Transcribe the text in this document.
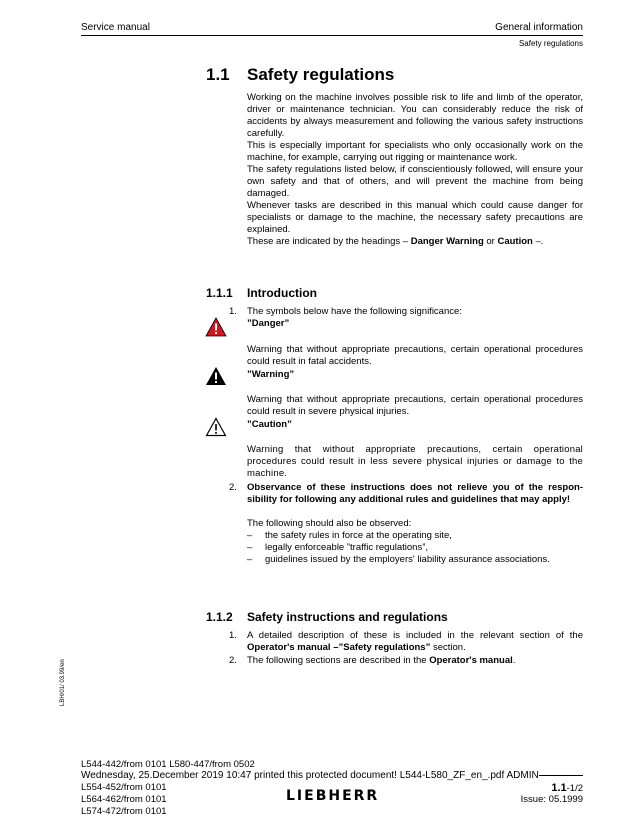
Service manual	General information
Safety regulations
1.1 Safety regulations

Working on the machine involves possible risk to life and limb of the operator, driver or maintenance technician. You can considerably reduce the risk of accidents by always measurement and following the various safety instructions carefully.

This is especially important for specialists who only occasionally work on the machine, for example, carrying out rigging or maintenance work.

The safety regulations listed below, if conscientiously followed, will ensure your own safety and that of others, and will prevent the machine from being damaged.

Whenever tasks are described in this manual which could cause danger for specialists or damage to the machine, the necessary safety precautions are explained.

These are indicated by the headings – Danger Warning or Caution –.

1.1.1 Introduction
1. The symbols below have the following significance:
”Danger”
Warning that without appropriate precautions, certain operational procedures could result in fatal accidents.
”Warning”
Warning that without appropriate precautions, certain operational procedures could result in severe physical injuries.
”Caution”
Warning that without appropriate precautions, certain operational procedures could result in less severe physical injuries or damage to the machine.
2. Observance of these instructions does not relieve you of the responsibility for following any additional rules and guidelines that may apply!

The following should also be observed:

– the safety rules in force at the operating site,

– legally enforceable ”traffic regulations”,

– guidelines issued by the employers' liability assurance associations.

1.1.2 Safety instructions and regulations
1. A detailed description of these is included in the relevant section of the Operator's manual –”Safety regulations” section.
2. The following sections are described in the Operator's manual.
LBH/01/ 03.99/en
L544-442/from 0101 L580-447/from 0502
Wednesday, 25.December 2019 10:47 printed this protected document! L544-L580_ZF_en_.pdf ADMIN
L554-452/from 0101
L564-462/from 0101
L574-472/from 0101
LIEBHERR	1.1-1/2
Issue: 05.1999
